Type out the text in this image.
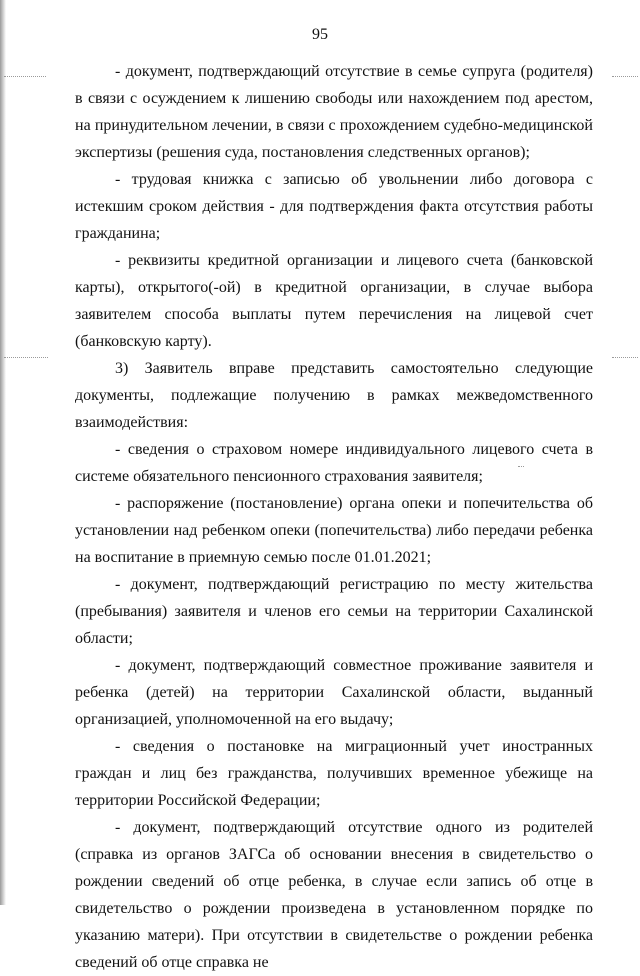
95

- документ, подтверждающий отсутствие в семье супруга (родителя) в связи с осуждением к лишению свободы или нахождением под арестом, на принудительном лечении, в связи с прохождением судебно-медицинской экспертизы (решения суда, постановления следственных органов);

- трудовая книжка с записью об увольнении либо договора с истекшим сроком действия - для подтверждения факта отсутствия работы гражданина;

- реквизиты кредитной организации и лицевого счета (банковской карты), открытого(-ой) в кредитной организации, в случае выбора заявителем способа выплаты путем перечисления на лицевой счет (банковскую карту).

3) Заявитель вправе представить самостоятельно следующие документы, подлежащие получению в рамках межведомственного взаимодействия:

- сведения о страховом номере индивидуального лицевого счета в системе обязательного пенсионного страхования заявителя;

- распоряжение (постановление) органа опеки и попечительства об установлении над ребенком опеки (попечительства) либо передачи ребенка на воспитание в приемную семью после 01.01.2021;

- документ, подтверждающий регистрацию по месту жительства (пребывания) заявителя и членов его семьи на территории Сахалинской области;

- документ, подтверждающий совместное проживание заявителя и ребенка (детей) на территории Сахалинской области, выданный организацией, уполномоченной на его выдачу;

- сведения о постановке на миграционный учет иностранных граждан и лиц без гражданства, получивших временное убежище на территории Российской Федерации;

- документ, подтверждающий отсутствие одного из родителей (справка из органов ЗАГСа об основании внесения в свидетельство о рождении сведений об отце ребенка, в случае если запись об отце в свидетельство о рождении произведена в установленном порядке по указанию матери). При отсутствии в свидетельстве о рождении ребенка сведений об отце справка не
